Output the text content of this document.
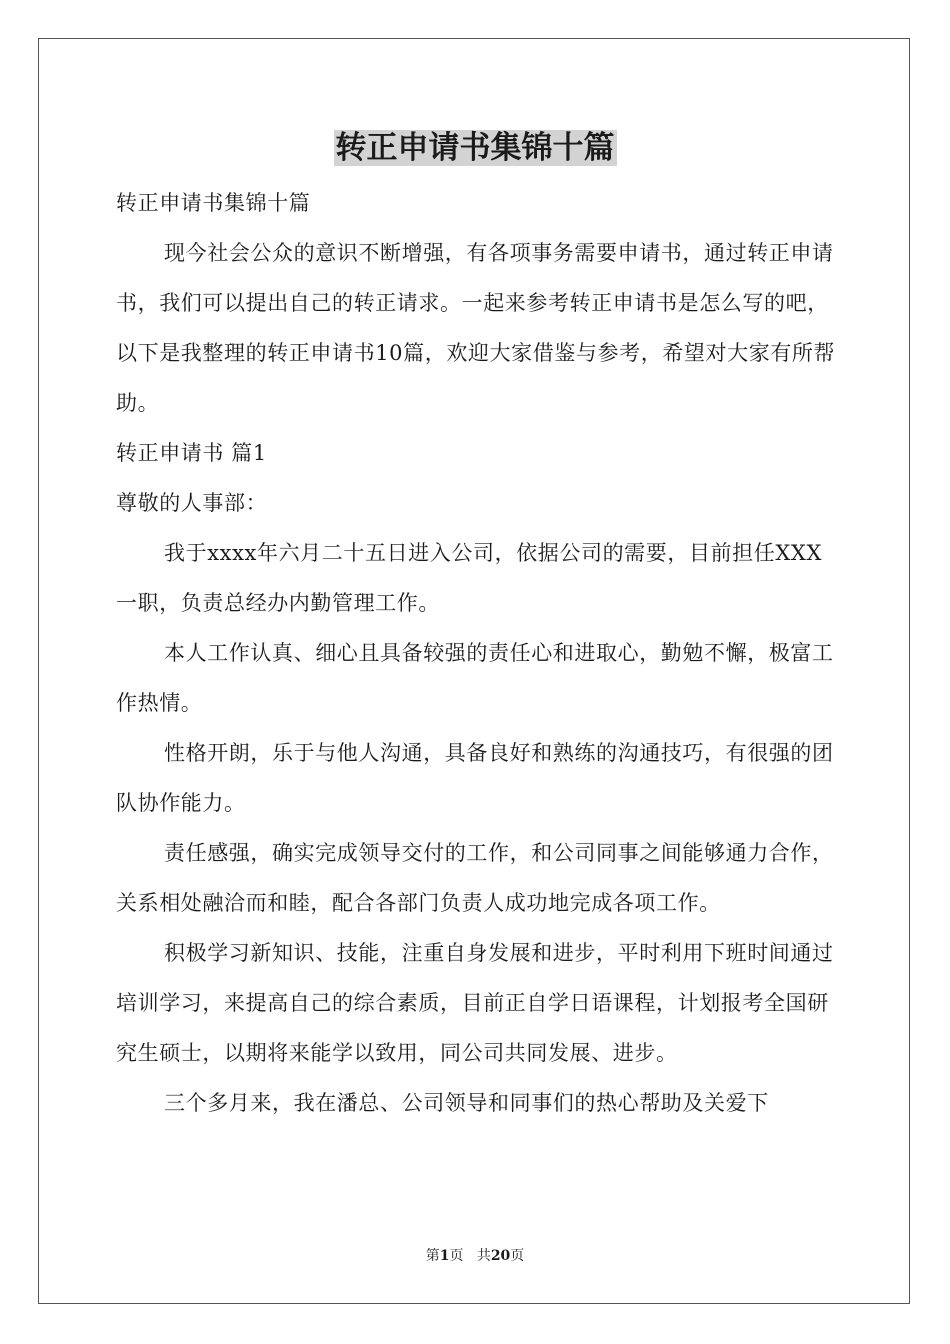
转正申请书集锦十篇

转正申请书集锦十篇

现今社会公众的意识不断增强，有各项事务需要申请书，通过转正申请书，我们可以提出自己的转正请求。一起来参考转正申请书是怎么写的吧，以下是我整理的转正申请书10篇，欢迎大家借鉴与参考，希望对大家有所帮助。

转正申请书 篇1

尊敬的人事部：

我于xxxx年六月二十五日进入公司，依据公司的需要，目前担任XXX一职，负责总经办内勤管理工作。

本人工作认真、细心且具备较强的责任心和进取心，勤勉不懈，极富工作热情。

性格开朗，乐于与他人沟通，具备良好和熟练的沟通技巧，有很强的团队协作能力。

责任感强，确实完成领导交付的工作，和公司同事之间能够通力合作，关系相处融洽而和睦，配合各部门负责人成功地完成各项工作。

积极学习新知识、技能，注重自身发展和进步，平时利用下班时间通过培训学习，来提高自己的综合素质，目前正自学日语课程，计划报考全国研究生硕士，以期将来能学以致用，同公司共同发展、进步。

三个多月来，我在潘总、公司领导和同事们的热心帮助及关爱下

第1页 共20页
